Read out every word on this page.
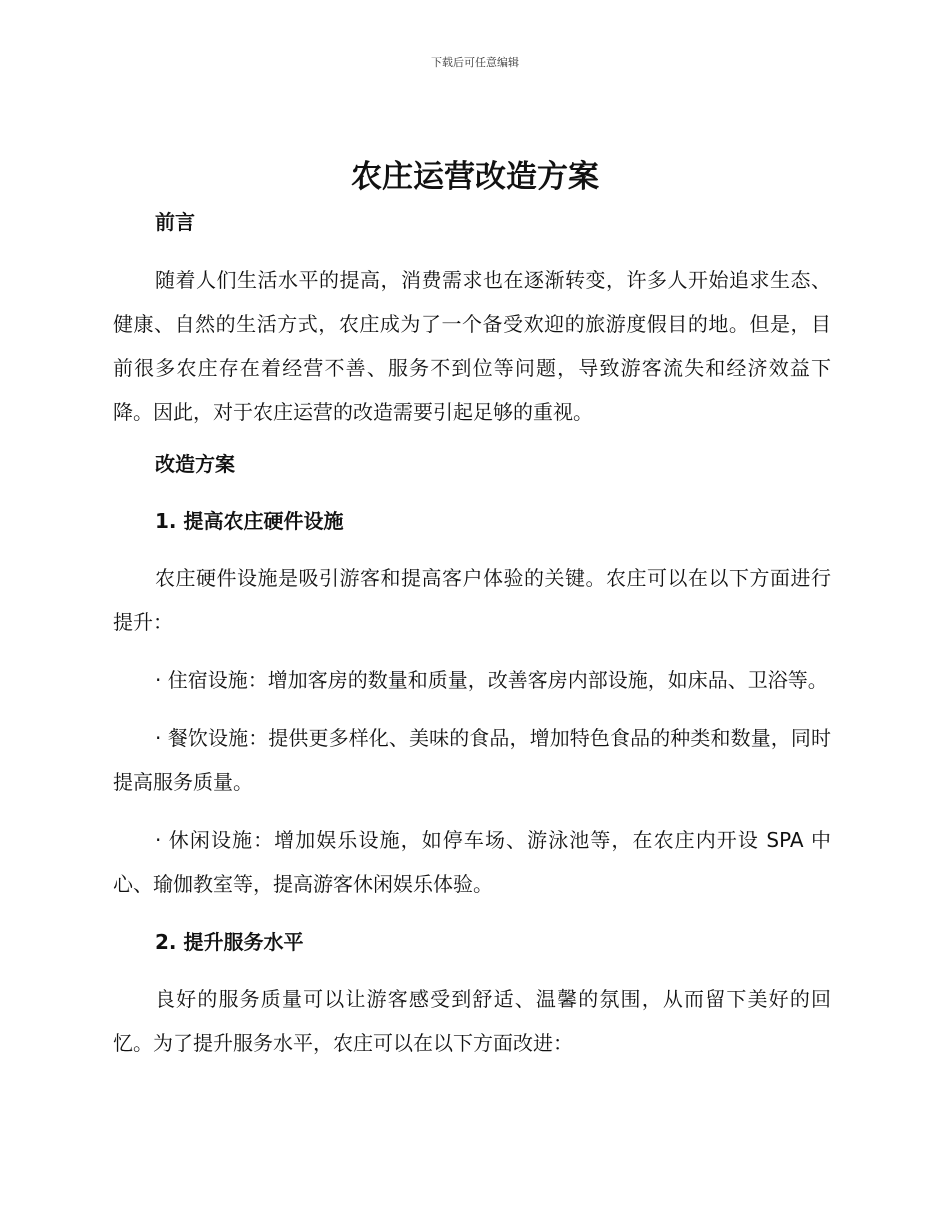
下载后可任意编辑
农庄运营改造方案

前言

随着人们生活水平的提高，消费需求也在逐渐转变，许多人开始追求生态、健康、自然的生活方式，农庄成为了一个备受欢迎的旅游度假目的地。但是，目前很多农庄存在着经营不善、服务不到位等问题，导致游客流失和经济效益下降。因此，对于农庄运营的改造需要引起足够的重视。

改造方案

1. 提高农庄硬件设施

农庄硬件设施是吸引游客和提高客户体验的关键。农庄可以在以下方面进行提升：

· 住宿设施：增加客房的数量和质量，改善客房内部设施，如床品、卫浴等。

· 餐饮设施：提供更多样化、美味的食品，增加特色食品的种类和数量，同时提高服务质量。

· 休闲设施：增加娱乐设施，如停车场、游泳池等，在农庄内开设 SPA 中心、瑜伽教室等，提高游客休闲娱乐体验。

2. 提升服务水平

良好的服务质量可以让游客感受到舒适、温馨的氛围，从而留下美好的回忆。为了提升服务水平，农庄可以在以下方面改进：
